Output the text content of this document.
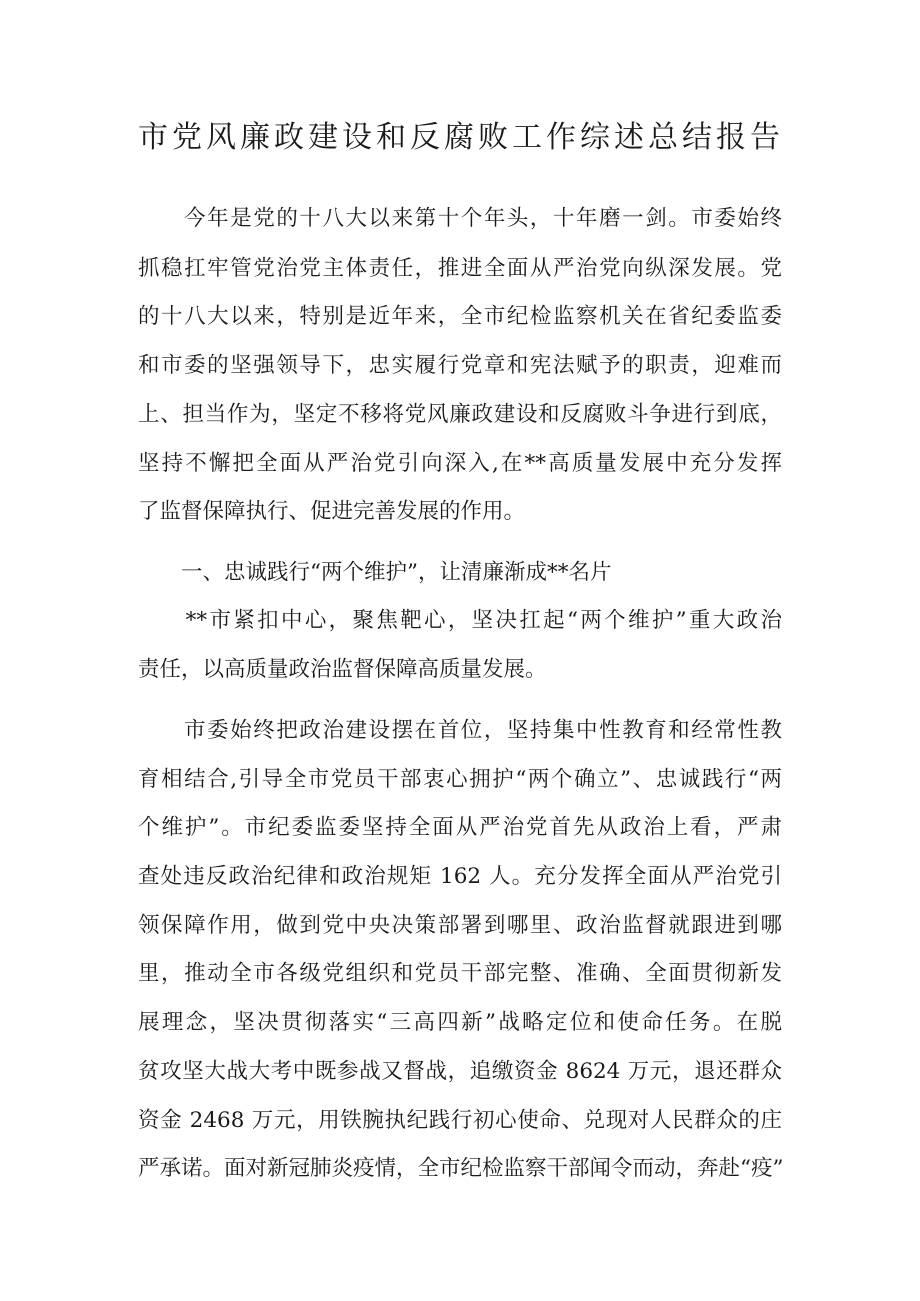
市党风廉政建设和反腐败工作综述总结报告
　　今年是党的十八大以来第十个年头，十年磨一剑。市委始终
抓稳扛牢管党治党主体责任，推进全面从严治党向纵深发展。党
的十八大以来，特别是近年来，全市纪检监察机关在省纪委监委
和市委的坚强领导下，忠实履行党章和宪法赋予的职责，迎难而
上、担当作为，坚定不移将党风廉政建设和反腐败斗争进行到底，
坚持不懈把全面从严治党引向深入,在**高质量发展中充分发挥
了监督保障执行、促进完善发展的作用。
　　一、忠诚践行“两个维护”，让清廉渐成**名片
　　**市紧扣中心，聚焦靶心，坚决扛起“两个维护”重大政治
责任，以高质量政治监督保障高质量发展。
　　市委始终把政治建设摆在首位，坚持集中性教育和经常性教
育相结合,引导全市党员干部衷心拥护“两个确立”、忠诚践行“两
个维护”。市纪委监委坚持全面从严治党首先从政治上看，严肃
查处违反政治纪律和政治规矩 162 人。充分发挥全面从严治党引
领保障作用，做到党中央决策部署到哪里、政治监督就跟进到哪
里，推动全市各级党组织和党员干部完整、准确、全面贯彻新发
展理念，坚决贯彻落实“三高四新”战略定位和使命任务。在脱
贫攻坚大战大考中既参战又督战，追缴资金 8624 万元，退还群众
资金 2468 万元，用铁腕执纪践行初心使命、兑现对人民群众的庄
严承诺。面对新冠肺炎疫情，全市纪检监察干部闻令而动，奔赴“疫”
